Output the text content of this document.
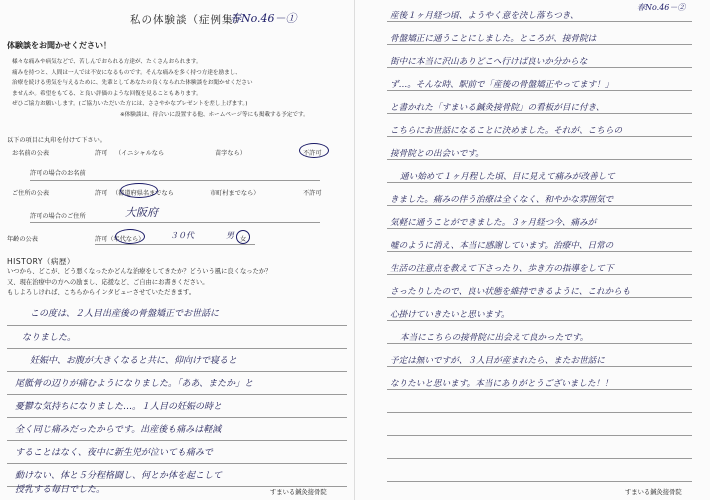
私の体験談（症例集）
春No.46－①
体験談をお聞かせください！
様々な痛みや病気などで、苦しんでおられる方達が、たくさんおられます。
痛みを持つと、人間は一人では不安になるものです。そんな痛みを多く持つ方達を励まし、
治療を続ける勇気を与えるために、先輩としてあなたの良くなられた体験談をお聞かせください
ませんか。希望をもてる、と良い評価のような回復を見ることもあります。
ぜひご協力お願いします。(ご協力いただいた方には、ささやかなプレゼントを差し上げます。)

※体験談は、待合いに設置する他、ホームページ等にも掲載する予定です。
以下の項目に丸印を付けて下さい。
お名前の公表	許可 （イニシャルなら	苗字なら）	不許可
許可の場合のお名前
ご住所の公表	許可 （都道府県名までなら	市町村までなら）	不許可
許可の場合のご住所	大阪府
年齢の公表	許可（年代なら）	３０代	男 女
HISTORY（病歴）
いつから、どこが、どう悪くなったかどんな治療をしてきたか？どういう風に良くなったか？
又、現在治療中の方への励まし、応援など、ご自由にお書きください。
もしよろしければ、こちらからインタビューさせていただきます。
この度は、２人目出産後の骨盤矯正でお世話に
なりました。
妊娠中、お腹が大きくなると共に、仰向けで寝ると
尾骶骨の辺りが痛むようになりました。「ああ、またか」と
憂鬱な気持ちになりました…。１人目の妊娠の時と
全く同じ痛みだったからです。出産後も痛みは軽減
することはなく、夜中に新生児が泣いても痛みで
動けない、体と５分程格闘し、何とか体を起こして
授乳する毎日でした。	すまいる鍼灸接骨院
春No.46－②
産後１ヶ月経つ頃、ようやく意を決し落ちつき、
骨盤矯正に通うことにしました。ところが、接骨院は
街中に本当に沢山ありどこへ行けば良いか分からな
ず…。そんな時、駅前で「産後の骨盤矯正やってます！」
と書かれた「すまいる鍼灸接骨院」の看板が目に付き、
こちらにお世話になることに決めました。それが、こちらの
接骨院との出会いです。
通い始めて１ヶ月程した頃、目に見えて痛みが改善して
きました。痛みの伴う治療は全くなく、和やかな雰囲気で
気軽に通うことができました。３ヶ月経つ今、痛みが
嘘のように消え、本当に感謝しています。治療中、日常の
生活の注意点を教えて下さったり、歩き方の指導をして下
さったりしたので、良い状態を維持できるように、これからも
心掛けていきたいと思います。
本当にこちらの接骨院に出会えて良かったです。
予定は無いですが、３人目が産まれたら、またお世話に
なりたいと思います。本当にありがとうございました！！
すまいる鍼灸接骨院
